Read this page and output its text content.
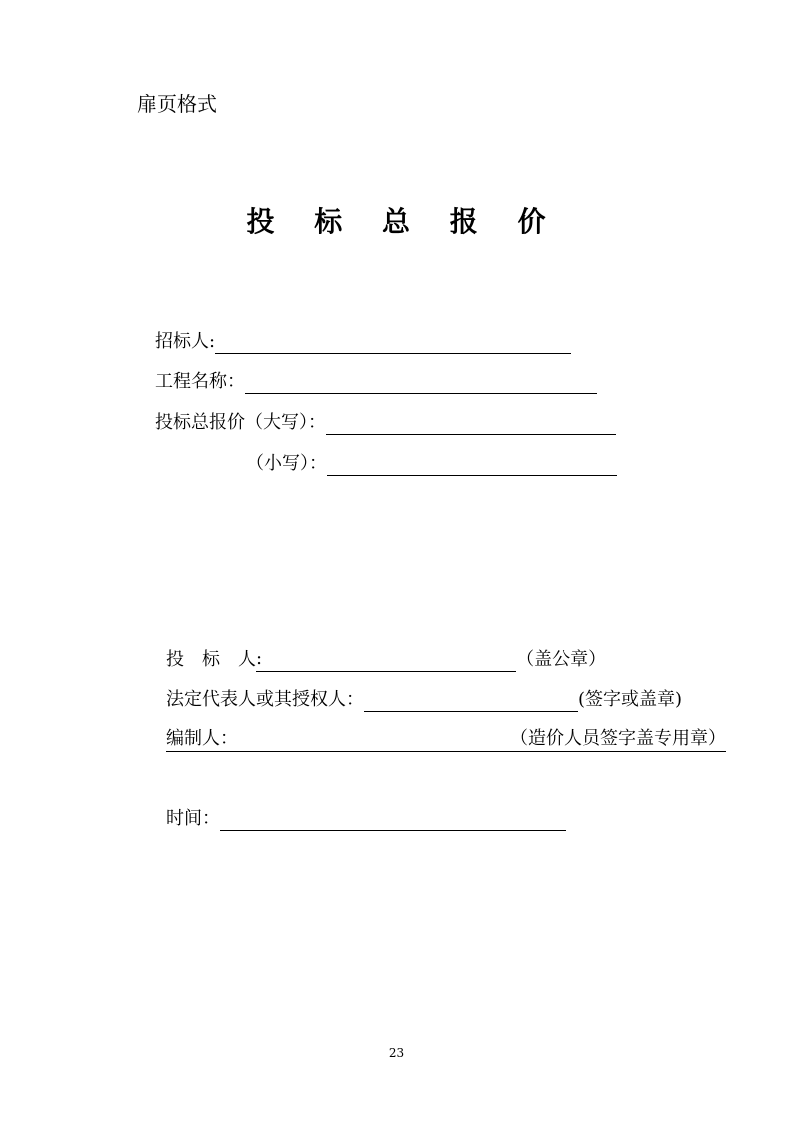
扉页格式
投 标 总 报 价
招标人:
工程名称：
投标总报价（大写）：
（小写）：
投 标 人 :	（盖公章）
法定代表人或其授权人：	(签字或盖章)
编制人：	（造价人员签字盖专用章）
时间：
23
